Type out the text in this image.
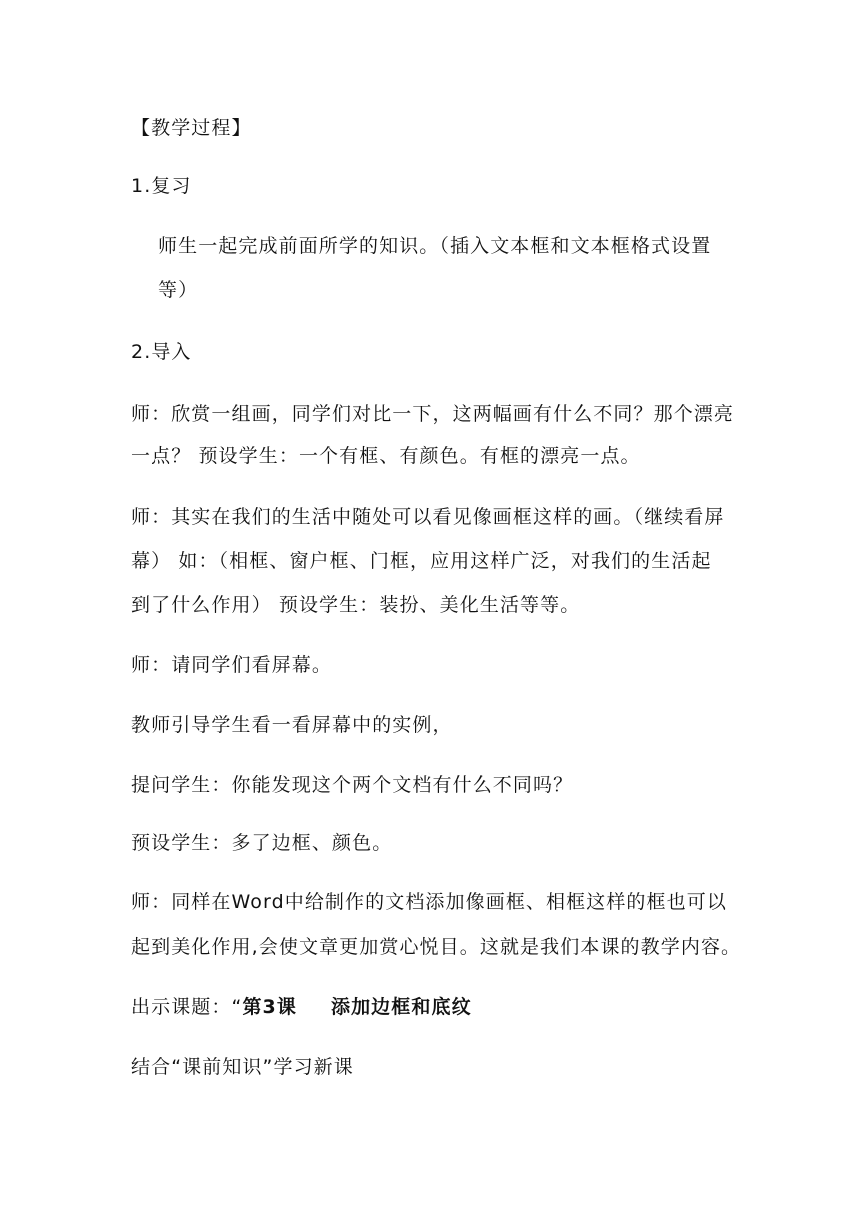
【教学过程】
1.复习
师生一起完成前面所学的知识。（插入文本框和文本框格式设置
等）
2.导入
师：欣赏一组画，同学们对比一下，这两幅画有什么不同？那个漂亮
一点？ 预设学生：一个有框、有颜色。有框的漂亮一点。
师：其实在我们的生活中随处可以看见像画框这样的画。（继续看屏
幕） 如：（相框、窗户框、门框，应用这样广泛，对我们的生活起
到了什么作用） 预设学生：装扮、美化生活等等。
师：请同学们看屏幕。
教师引导学生看一看屏幕中的实例，
提问学生：你能发现这个两个文档有什么不同吗？
预设学生：多了边框、颜色。
师：同样在Word中给制作的文档添加像画框、相框这样的框也可以
起到美化作用,会使文章更加赏心悦目。这就是我们本课的教学内容。
出示课题：“第3课 添加边框和底纹
结合“课前知识”学习新课
